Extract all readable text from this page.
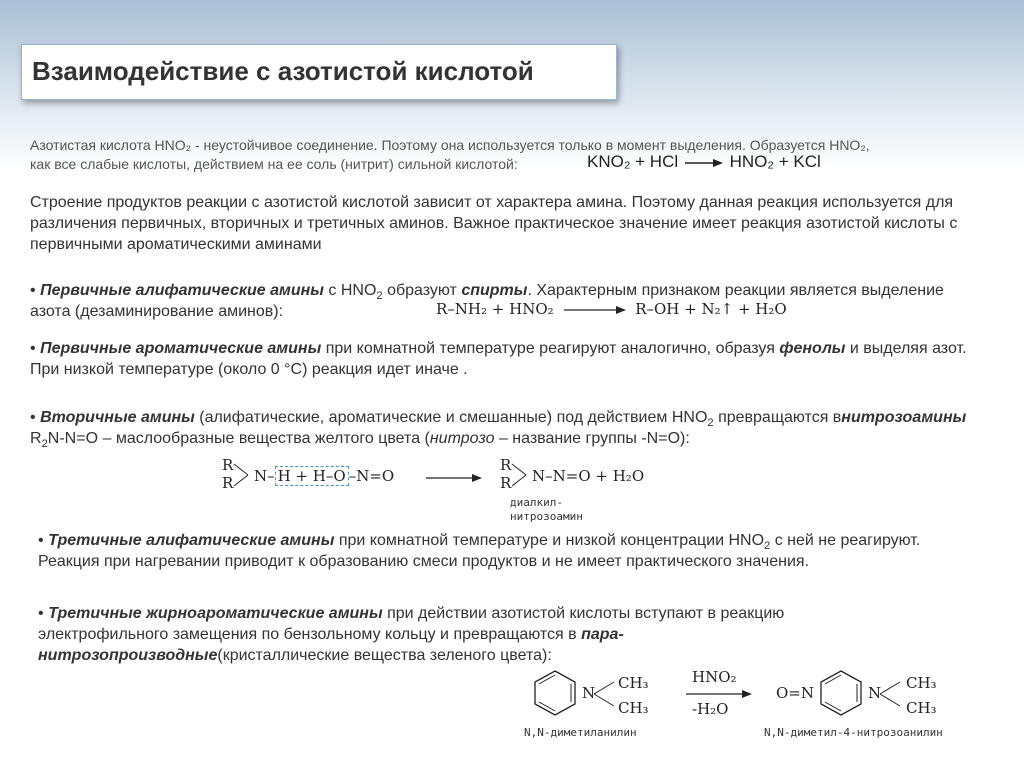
Взаимодействие с азотистой кислотой
Азотистая кислота HNO₂ - неустойчивое соединение. Поэтому она используется только в момент выделения. Образуется HNO₂,
как все слабые кислоты, действием на ее соль (нитрит) сильной кислотой:	KNO₂ + HCl → HNO₂ + KCl
Строение продуктов реакции с азотистой кислотой зависит от характера амина. Поэтому данная реакция используется для различения первичных, вторичных и третичных аминов. Важное практическое значение имеет реакция азотистой кислоты с первичными ароматическими аминами
• Первичные алифатические амины с $HNO_2$ образуют спирты. Характерным признаком реакции является выделение азота (дезаминирование аминов):	R–NH₂ + HNO₂	R–OH + N₂↑ + H₂O
• Первичные ароматические амины при комнатной температуре реагируют аналогично, образуя фенолы и выделяя азот. При низкой температуре (около 0 °С) реакция идет иначе .
• Вторичные амины (алифатические, ароматические и смешанные) под действием $HNO_2$ превращаются внитрозоамины $R_2N-N=O$ – маслообразные вещества желтого цвета (нитрозо – название группы -N=O):
R
R N– H + H–O –N=O
R
R N–N=O + H₂O
диалкил-
нитрозоамин
• Третичные алифатические амины при комнатной температуре и низкой концентрации $HNO_2$ с ней не реагируют. Реакция при нагревании приводит к образованию смеси продуктов и не имеет практического значения.
• Третичные жирноароматические амины при действии азотистой кислоты вступают в реакцию электрофильного замещения по бензольному кольцу и превращаются в пара-нитрозопроизводные(кристаллические вещества зеленого цвета):
N
CH₃
CH₃
HNO₂
-H₂O
O=N	N
CH₃
CH₃
N,N-диметиланилин	N,N-диметил-4-нитрозоанилин
